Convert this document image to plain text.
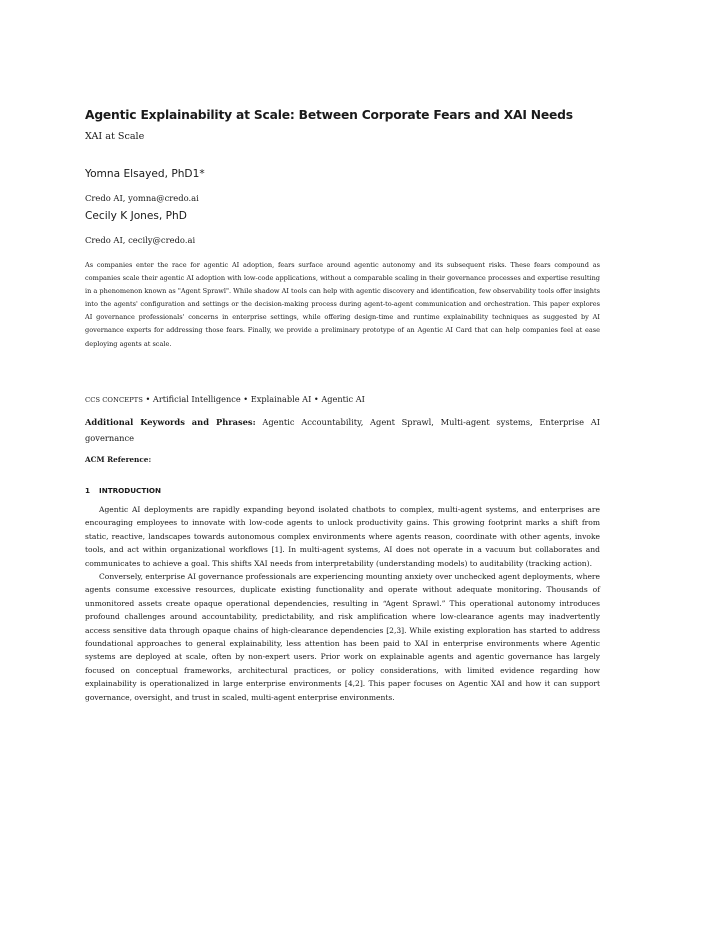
Agentic Explainability at Scale: Between Corporate Fears and XAI Needs
XAI at Scale
Yomna Elsayed, PhD1*
Credo AI, yomna@credo.ai
Cecily K Jones, PhD
Credo AI, cecily@credo.ai
As companies enter the race for agentic AI adoption, fears surface around agentic autonomy and its subsequent risks. These fears compound as companies scale their agentic AI adoption with low-code applications, without a comparable scaling in their governance processes and expertise resulting in a phenomenon known as "Agent Sprawl". While shadow AI tools can help with agentic discovery and identification, few observability tools offer insights into the agents' configuration and settings or the decision-making process during agent-to-agent communication and orchestration. This paper explores AI governance professionals' concerns in enterprise settings, while offering design-time and runtime explainability techniques as suggested by AI governance experts for addressing those fears. Finally, we provide a preliminary prototype of an Agentic AI Card that can help companies feel at ease deploying agents at scale.
CCS CONCEPTS • Artificial Intelligence • Explainable AI • Agentic AI
Additional Keywords and Phrases: Agentic Accountability, Agent Sprawl, Multi-agent systems, Enterprise AI governance
ACM Reference:
1 INTRODUCTION

Agentic AI deployments are rapidly expanding beyond isolated chatbots to complex, multi-agent systems, and enterprises are encouraging employees to innovate with low-code agents to unlock productivity gains. This growing footprint marks a shift from static, reactive, landscapes towards autonomous complex environments where agents reason, coordinate with other agents, invoke tools, and act within organizational workflows [1]. In multi-agent systems, AI does not operate in a vacuum but collaborates and communicates to achieve a goal. This shifts XAI needs from interpretability (understanding models) to auditability (tracking action).

Conversely, enterprise AI governance professionals are experiencing mounting anxiety over unchecked agent deployments, where agents consume excessive resources, duplicate existing functionality and operate without adequate monitoring. Thousands of unmonitored assets create opaque operational dependencies, resulting in “Agent Sprawl.” This operational autonomy introduces profound challenges around accountability, predictability, and risk amplification where low-clearance agents may inadvertently access sensitive data through opaque chains of high-clearance dependencies [2,3]. While existing exploration has started to address foundational approaches to general explainability, less attention has been paid to XAI in enterprise environments where Agentic systems are deployed at scale, often by non-expert users. Prior work on explainable agents and agentic governance has largely focused on conceptual frameworks, architectural practices, or policy considerations, with limited evidence regarding how explainability is operationalized in large enterprise environments [4,2]. This paper focuses on Agentic XAI and how it can support governance, oversight, and trust in scaled, multi-agent enterprise environments.
